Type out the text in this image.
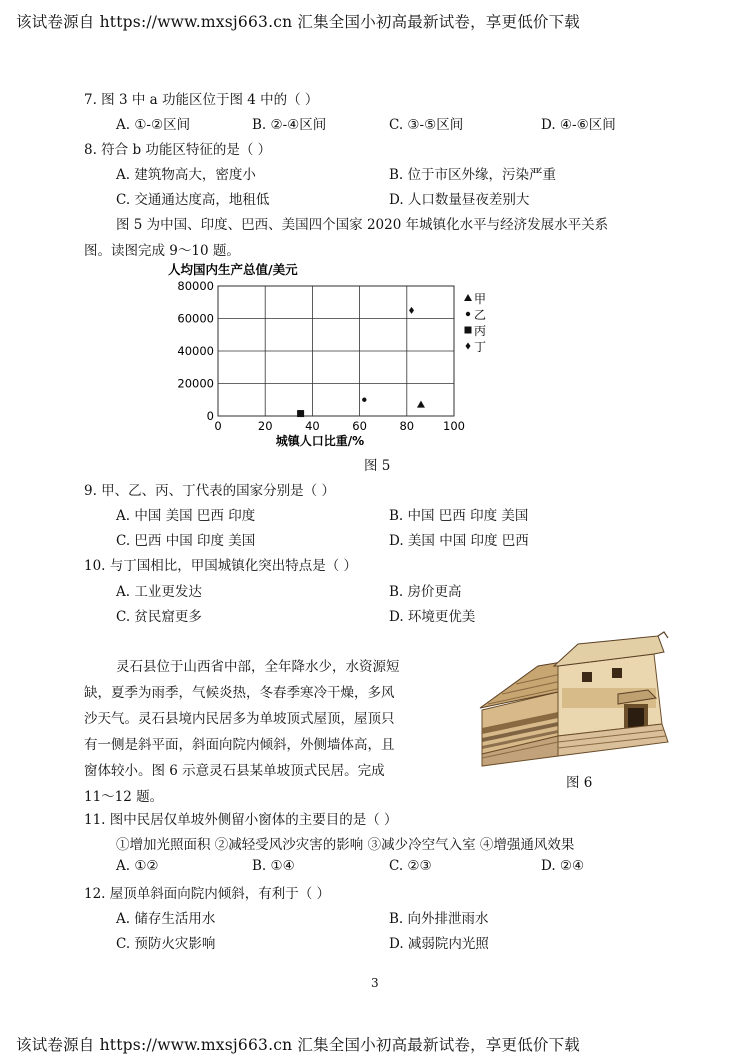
该试卷源自 https://www.mxsj663.cn 汇集全国小初高最新试卷，享更低价下载
7. 图 3 中 a 功能区位于图 4 中的（ ）
A. ①-②区间	B. ②-④区间	C. ③-⑤区间	D. ④-⑥区间
8. 符合 b 功能区特征的是（ ）
A. 建筑物高大，密度小	B. 位于市区外缘，污染严重
C. 交通通达度高，地租低	D. 人口数量昼夜差别大
图 5 为中国、印度、巴西、美国四个国家 2020 年城镇化水平与经济发展水平关系
图。读图完成 9～10 题。
人均国内生产总值/美元
0
20000
40000
60000
80000
0	20	40	60	80	100
甲
乙
丙
丁
城镇人口比重/%
图 5
9. 甲、乙、丙、丁代表的国家分别是（ ）
A. 中国 美国 巴西 印度	B. 中国 巴西 印度 美国
C. 巴西 中国 印度 美国	D. 美国 中国 印度 巴西
10. 与丁国相比，甲国城镇化突出特点是（ ）
A. 工业更发达	B. 房价更高
C. 贫民窟更多	D. 环境更优美
灵石县位于山西省中部，全年降水少，水资源短
缺，夏季为雨季，气候炎热，冬春季寒冷干燥，多风
沙天气。灵石县境内民居多为单坡顶式屋顶，屋顶只
有一侧是斜平面，斜面向院内倾斜，外侧墙体高，且
窗体较小。图 6 示意灵石县某单坡顶式民居。完成
11～12 题。
图 6
11. 图中民居仅单坡外侧留小窗体的主要目的是（ ）
①增加光照面积 ②减轻受风沙灾害的影响 ③减少冷空气入室 ④增强通风效果
A. ①②	B. ①④	C. ②③	D. ②④
12. 屋顶单斜面向院内倾斜，有利于（ ）
A. 储存生活用水	B. 向外排泄雨水
C. 预防火灾影响	D. 减弱院内光照
3
该试卷源自 https://www.mxsj663.cn 汇集全国小初高最新试卷，享更低价下载
